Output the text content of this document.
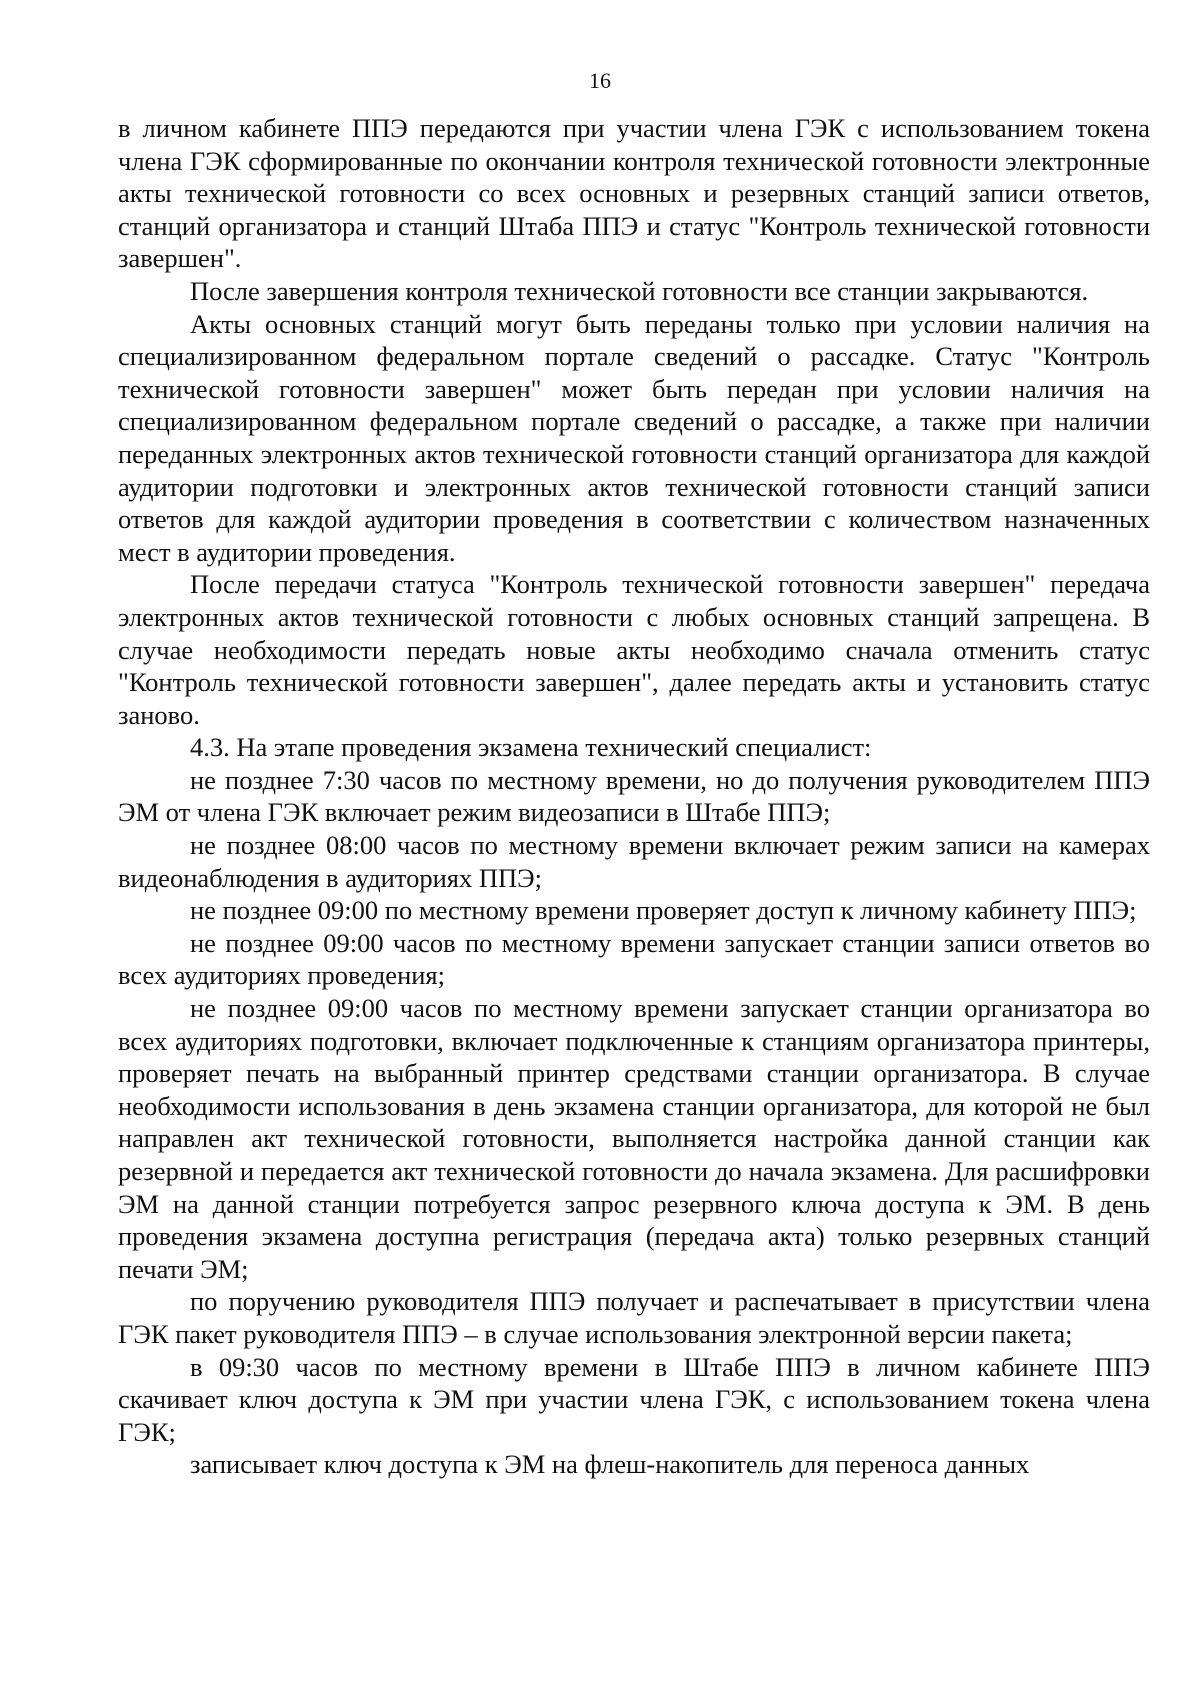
16

в личном кабинете ППЭ передаются при участии члена ГЭК с использованием токена члена ГЭК сформированные по окончании контроля технической готовности электронные акты технической готовности со всех основных и резервных станций записи ответов, станций организатора и станций Штаба ППЭ и статус "Контроль технической готовности завершен".

После завершения контроля технической готовности все станции закрываются.

Акты основных станций могут быть переданы только при условии наличия на специализированном федеральном портале сведений о рассадке. Статус "Контроль технической готовности завершен" может быть передан при условии наличия на специализированном федеральном портале сведений о рассадке, а также при наличии переданных электронных актов технической готовности станций организатора для каждой аудитории подготовки и электронных актов технической готовности станций записи ответов для каждой аудитории проведения в соответствии с количеством назначенных мест в аудитории проведения.

После передачи статуса "Контроль технической готовности завершен" передача электронных актов технической готовности с любых основных станций запрещена. В случае необходимости передать новые акты необходимо сначала отменить статус "Контроль технической готовности завершен", далее передать акты и установить статус заново.

4.3. На этапе проведения экзамена технический специалист:

не позднее 7:30 часов по местному времени, но до получения руководителем ППЭ ЭМ от члена ГЭК включает режим видеозаписи в Штабе ППЭ;

не позднее 08:00 часов по местному времени включает режим записи на камерах видеонаблюдения в аудиториях ППЭ;

не позднее 09:00 по местному времени проверяет доступ к личному кабинету ППЭ;

не позднее 09:00 часов по местному времени запускает станции записи ответов во всех аудиториях проведения;

не позднее 09:00 часов по местному времени запускает станции организатора во всех аудиториях подготовки, включает подключенные к станциям организатора принтеры, проверяет печать на выбранный принтер средствами станции организатора. В случае необходимости использования в день экзамена станции организатора, для которой не был направлен акт технической готовности, выполняется настройка данной станции как резервной и передается акт технической готовности до начала экзамена. Для расшифровки ЭМ на данной станции потребуется запрос резервного ключа доступа к ЭМ. В день проведения экзамена доступна регистрация (передача акта) только резервных станций печати ЭМ;

по поручению руководителя ППЭ получает и распечатывает в присутствии члена ГЭК пакет руководителя ППЭ – в случае использования электронной версии пакета;

в 09:30 часов по местному времени в Штабе ППЭ в личном кабинете ППЭ скачивает ключ доступа к ЭМ при участии члена ГЭК, с использованием токена члена ГЭК;

записывает ключ доступа к ЭМ на флеш-накопитель для переноса данных
